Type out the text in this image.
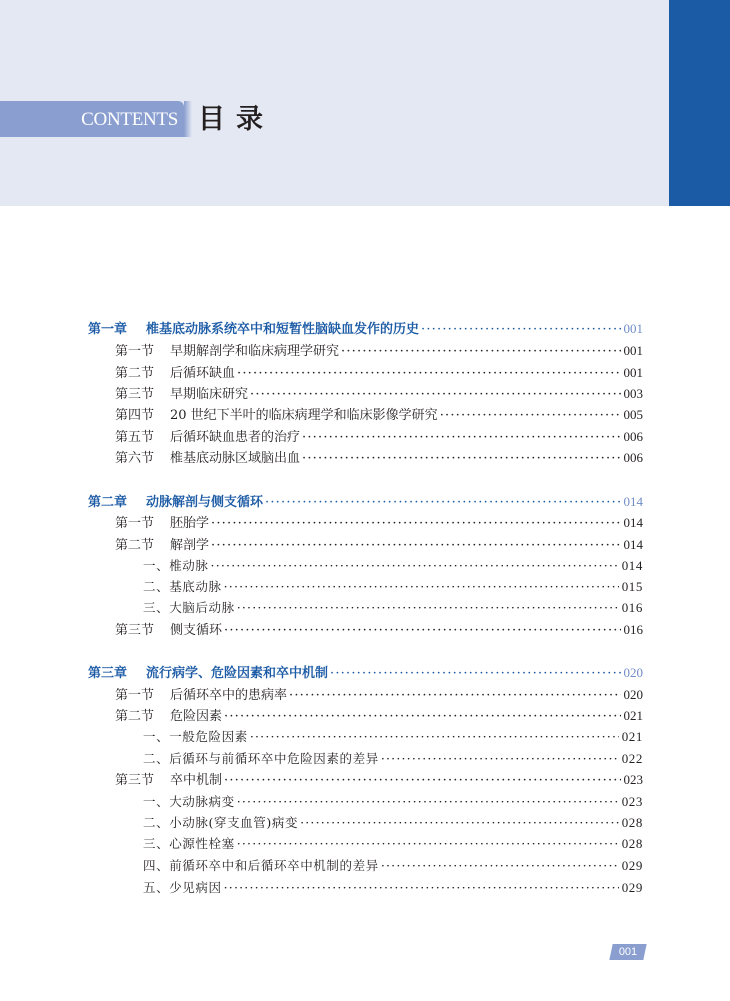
CONTENTS 目录
第一章	椎基底动脉系统卒中和短暂性脑缺血发作的历史 ·····	001
第一节	早期解剖学和临床病理学研究 ·····	001
第二节	后循环缺血 ·····	001
第三节	早期临床研究 ·····	003
第四节	20 世纪下半叶的临床病理学和临床影像学研究 ·····	005
第五节	后循环缺血患者的治疗 ·····	006
第六节	椎基底动脉区域脑出血 ·····	006
第二章	动脉解剖与侧支循环 ·····	014
第一节	胚胎学 ·····	014
第二节	解剖学 ·····	014
一、椎动脉 ·····	014
二、基底动脉 ·····	015
三、大脑后动脉 ·····	016
第三节	侧支循环 ·····	016
第三章	流行病学、危险因素和卒中机制 ·····	020
第一节	后循环卒中的患病率 ·····	020
第二节	危险因素 ·····	021
一、一般危险因素 ·····	021
二、后循环与前循环卒中危险因素的差异 ·····	022
第三节	卒中机制 ·····	023
一、大动脉病变 ·····	023
二、小动脉(穿支血管)病变 ·····	028
三、心源性栓塞 ·····	028
四、前循环卒中和后循环卒中机制的差异 ·····	029
五、少见病因 ·····	029
001
